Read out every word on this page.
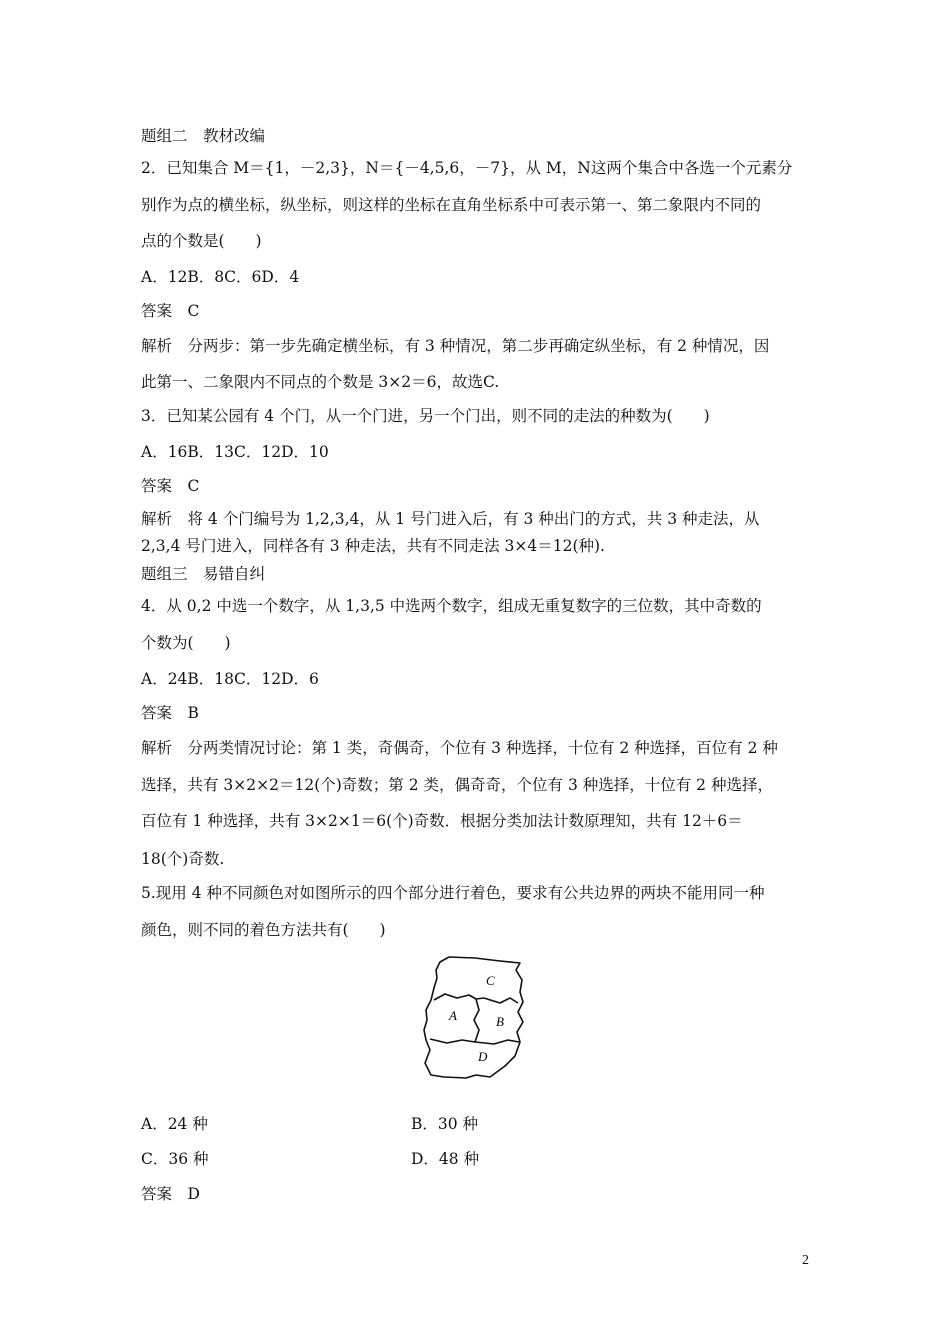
题组二　教材改编
2．已知集合 M＝{1，－2,3}，N＝{－4,5,6，－7}，从 M，N这两个集合中各选一个元素分
别作为点的横坐标，纵坐标，则这样的坐标在直角坐标系中可表示第一、第二象限内不同的
点的个数是(　　)
A．12B．8C．6D．4
答案　C
解析　分两步：第一步先确定横坐标，有 3 种情况，第二步再确定纵坐标，有 2 种情况，因
此第一、二象限内不同点的个数是 3×2＝6，故选C.
3．已知某公园有 4 个门，从一个门进，另一个门出，则不同的走法的种数为(　　)
A．16B．13C．12D．10
答案　C
解析　将 4 个门编号为 1,2,3,4，从 1 号门进入后，有 3 种出门的方式，共 3 种走法，从
2,3,4 号门进入，同样各有 3 种走法，共有不同走法 3×4＝12(种).
题组三　易错自纠
4．从 0,2 中选一个数字，从 1,3,5 中选两个数字，组成无重复数字的三位数，其中奇数的
个数为(　　)
A．24B．18C．12D．6
答案　B
解析　分两类情况讨论：第 1 类，奇偶奇，个位有 3 种选择，十位有 2 种选择，百位有 2 种
选择，共有 3×2×2＝12(个)奇数；第 2 类，偶奇奇，个位有 3 种选择，十位有 2 种选择，
百位有 1 种选择，共有 3×2×1＝6(个)奇数．根据分类加法计数原理知，共有 12＋6＝
18(个)奇数.
5.现用 4 种不同颜色对如图所示的四个部分进行着色，要求有公共边界的两块不能用同一种
颜色，则不同的着色方法共有(　　)
C
A	B
D
A．24 种	B．30 种
C．36 种	D．48 种
答案　D
2
